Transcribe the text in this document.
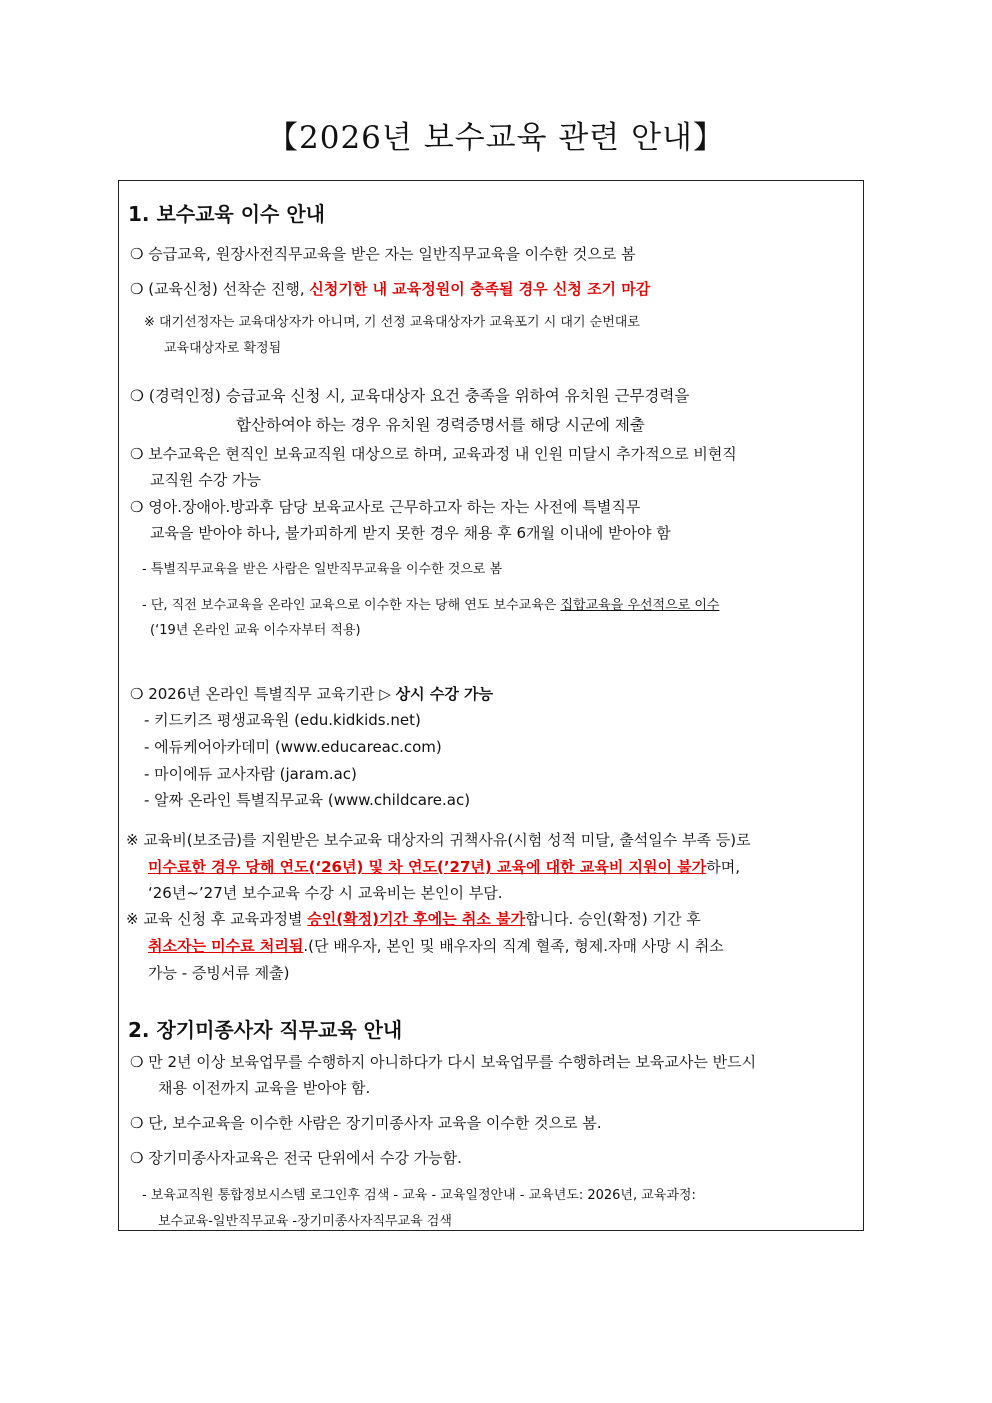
【2026년 보수교육 관련 안내】
1. 보수교육 이수 안내
❍ 승급교육, 원장사전직무교육을 받은 자는 일반직무교육을 이수한 것으로 봄
❍ (교육신청) 선착순 진행, 신청기한 내 교육정원이 충족될 경우 신청 조기 마감
※ 대기선정자는 교육대상자가 아니며, 기 선정 교육대상자가 교육포기 시 대기 순번대로
교육대상자로 확정됨
❍ (경력인정) 승급교육 신청 시, 교육대상자 요건 충족을 위하여 유치원 근무경력을
합산하여야 하는 경우 유치원 경력증명서를 해당 시군에 제출
❍ 보수교육은 현직인 보육교직원 대상으로 하며, 교육과정 내 인원 미달시 추가적으로 비현직
교직원 수강 가능
❍ 영아.장애아.방과후 담당 보육교사로 근무하고자 하는 자는 사전에 특별직무
교육을 받아야 하나, 불가피하게 받지 못한 경우 채용 후 6개월 이내에 받아야 함
- 특별직무교육을 받은 사람은 일반직무교육을 이수한 것으로 봄
- 단, 직전 보수교육을 온라인 교육으로 이수한 자는 당해 연도 보수교육은 집합교육을 우선적으로 이수
(‘19년 온라인 교육 이수자부터 적용)
❍ 2026년 온라인 특별직무 교육기관 ▷ 상시 수강 가능
- 키드키즈 평생교육원 (edu.kidkids.net)
- 에듀케어아카데미 (www.educareac.com)
- 마이에듀 교사자람 (jaram.ac)
- 알짜 온라인 특별직무교육 (www.childcare.ac)
※ 교육비(보조금)를 지원받은 보수교육 대상자의 귀책사유(시험 성적 미달, 출석일수 부족 등)로
미수료한 경우 당해 연도(‘26년) 및 차 연도(’27년) 교육에 대한 교육비 지원이 불가하며,
‘26년~’27년 보수교육 수강 시 교육비는 본인이 부담.
※ 교육 신청 후 교육과정별 승인(확정)기간 후에는 취소 불가합니다. 승인(확정) 기간 후
취소자는 미수료 처리됨.(단 배우자, 본인 및 배우자의 직계 혈족, 형제.자매 사망 시 취소
가능 - 증빙서류 제출)
2. 장기미종사자 직무교육 안내
❍ 만 2년 이상 보육업무를 수행하지 아니하다가 다시 보육업무를 수행하려는 보육교사는 반드시
채용 이전까지 교육을 받아야 함.
❍ 단, 보수교육을 이수한 사람은 장기미종사자 교육을 이수한 것으로 봄.
❍ 장기미종사자교육은 전국 단위에서 수강 가능함.
- 보육교직원 통합정보시스템 로그인후 검색 - 교육 - 교육일정안내 - 교육년도: 2026년, 교육과정:
보수교육-일반직무교육 -장기미종사자직무교육 검색
